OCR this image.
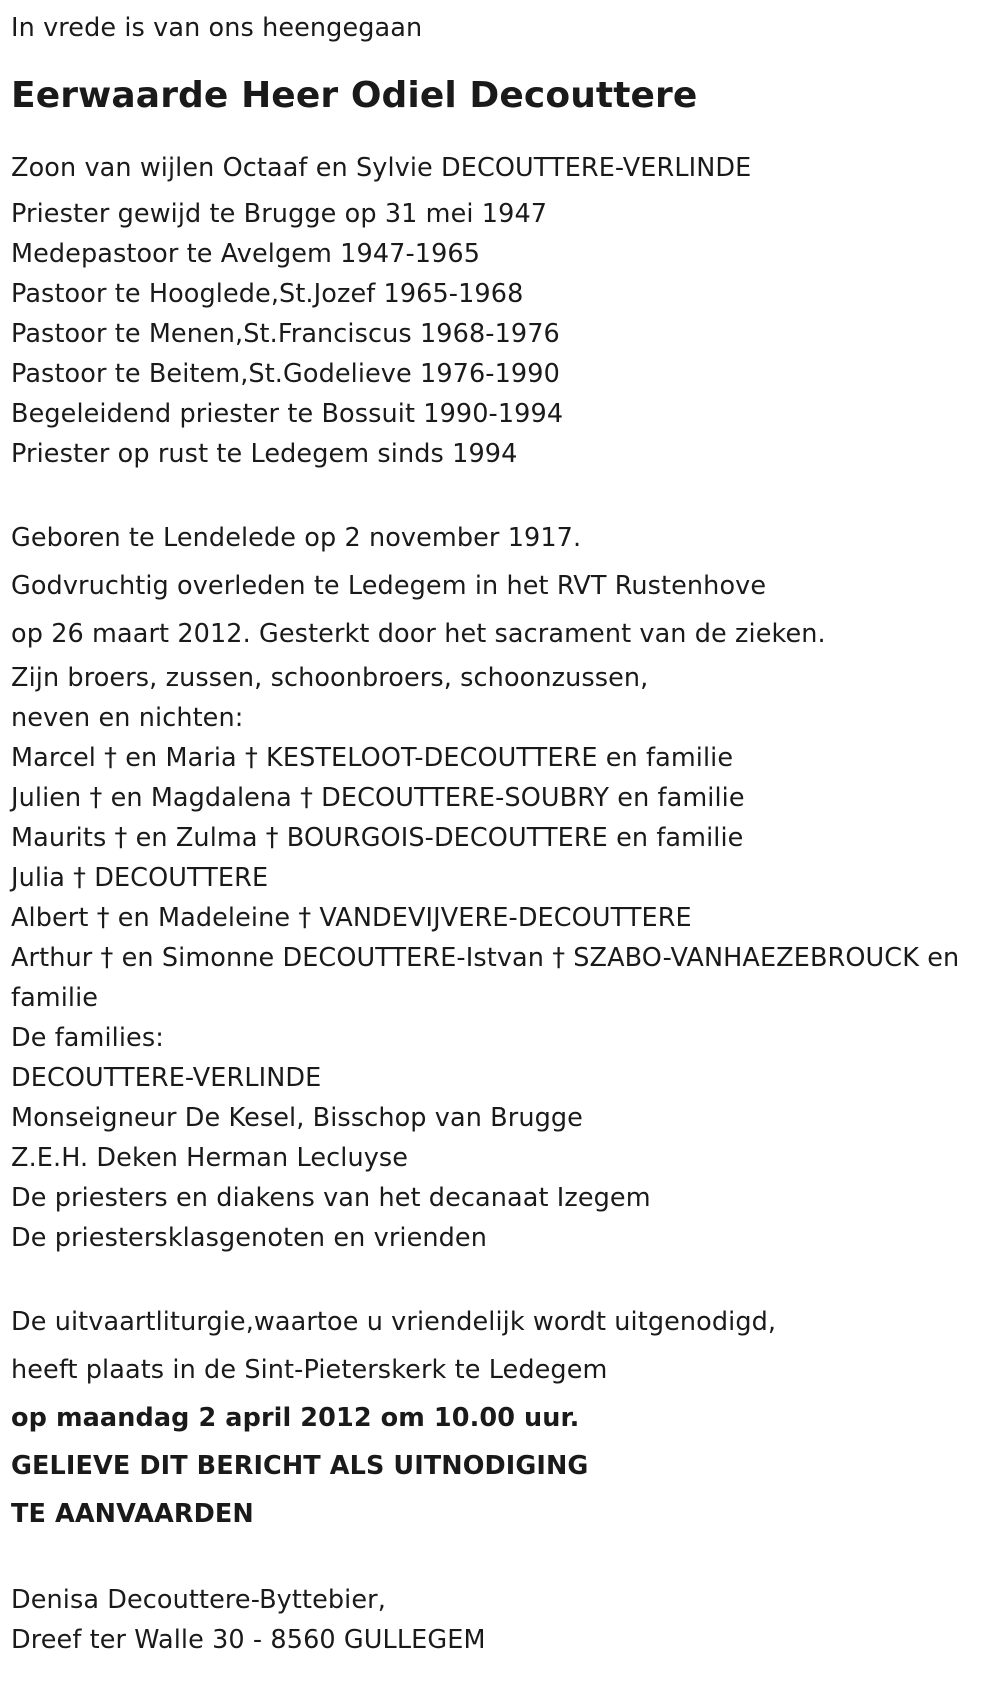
In vrede is van ons heengegaan
Eerwaarde Heer Odiel Decouttere
Zoon van wijlen Octaaf en Sylvie DECOUTTERE-VERLINDE
Priester gewijd te Brugge op 31 mei 1947
Medepastoor te Avelgem 1947-1965
Pastoor te Hooglede,St.Jozef 1965-1968
Pastoor te Menen,St.Franciscus 1968-1976
Pastoor te Beitem,St.Godelieve 1976-1990
Begeleidend priester te Bossuit 1990-1994
Priester op rust te Ledegem sinds 1994
Geboren te Lendelede op 2 november 1917.
Godvruchtig overleden te Ledegem in het RVT Rustenhove
op 26 maart 2012. Gesterkt door het sacrament van de zieken.
Zijn broers, zussen, schoonbroers, schoonzussen,
neven en nichten:
Marcel † en Maria † KESTELOOT-DECOUTTERE en familie
Julien † en Magdalena † DECOUTTERE-SOUBRY en familie
Maurits † en Zulma † BOURGOIS-DECOUTTERE en familie
Julia † DECOUTTERE
Albert † en Madeleine † VANDEVIJVERE-DECOUTTERE
Arthur † en Simonne DECOUTTERE-Istvan † SZABO-VANHAEZEBROUCK en
familie
De families:
DECOUTTERE-VERLINDE
Monseigneur De Kesel, Bisschop van Brugge
Z.E.H. Deken Herman Lecluyse
De priesters en diakens van het decanaat Izegem
De priestersklasgenoten en vrienden
De uitvaartliturgie,waartoe u vriendelijk wordt uitgenodigd,
heeft plaats in de Sint-Pieterskerk te Ledegem
op maandag 2 april 2012 om 10.00 uur.
GELIEVE DIT BERICHT ALS UITNODIGING
TE AANVAARDEN
Denisa Decouttere-Byttebier,
Dreef ter Walle 30 - 8560 GULLEGEM
